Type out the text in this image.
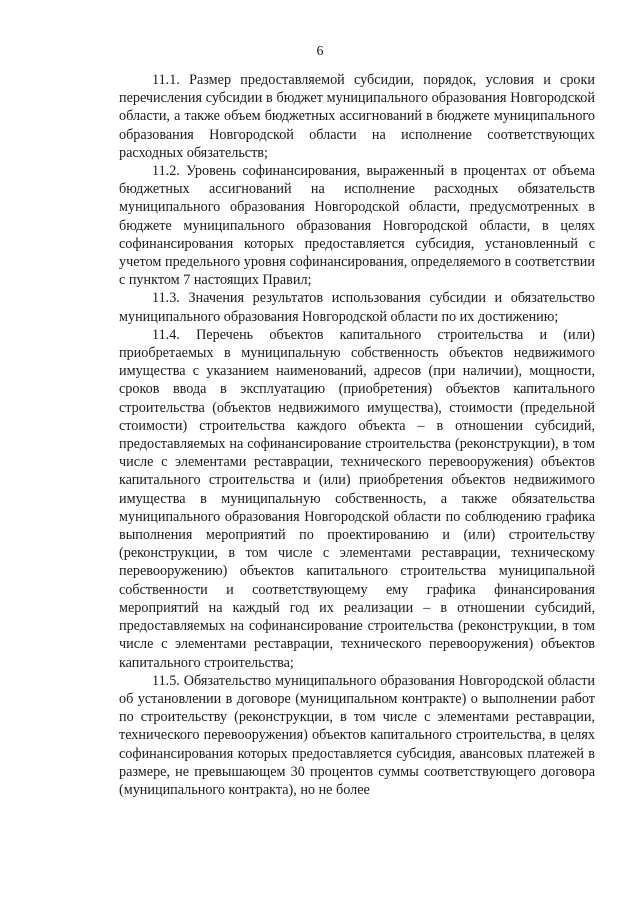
6

11.1. Размер предоставляемой субсидии, порядок, условия и сроки перечисления субсидии в бюджет муниципального образования Новгородской области, а также объем бюджетных ассигнований в бюджете муниципального образования Новгородской области на исполнение соответствующих расходных обязательств;

11.2. Уровень софинансирования, выраженный в процентах от объема бюджетных ассигнований на исполнение расходных обязательств муниципального образования Новгородской области, предусмотренных в бюджете муниципального образования Новгородской области, в целях софинансирования которых предоставляется субсидия, установленный с учетом предельного уровня софинансирования, определяемого в соответствии с пунктом 7 настоящих Правил;

11.3. Значения результатов использования субсидии и обязательство муниципального образования Новгородской области по их достижению;

11.4. Перечень объектов капитального строительства и (или) приобретаемых в муниципальную собственность объектов недвижимого имущества с указанием наименований, адресов (при наличии), мощности, сроков ввода в эксплуатацию (приобретения) объектов капитального строительства (объектов недвижимого имущества), стоимости (предельной стоимости) строительства каждого объекта – в отношении субсидий, предоставляемых на софинансирование строительства (реконструкции), в том числе с элементами реставрации, технического перевооружения) объектов капитального строительства и (или) приобретения объектов недвижимого имущества в муниципальную собственность, а также обязательства муниципального образования Новгородской области по соблюдению графика выполнения мероприятий по проектированию и (или) строительству (реконструкции, в том числе с элементами реставрации, техническому перевооружению) объектов капитального строительства муниципальной собственности и соответствующему ему графика финансирования мероприятий на каждый год их реализации – в отношении субсидий, предоставляемых на софинансирование строительства (реконструкции, в том числе с элементами реставрации, технического перевооружения) объектов капитального строительства;

11.5. Обязательство муниципального образования Новгородской области об установлении в договоре (муниципальном контракте) о выполнении работ по строительству (реконструкции, в том числе с элементами реставрации, технического перевооружения) объектов капитального строительства, в целях софинансирования которых предоставляется субсидия, авансовых платежей в размере, не превышающем 30 процентов суммы соответствующего договора (муниципального контракта), но не более
